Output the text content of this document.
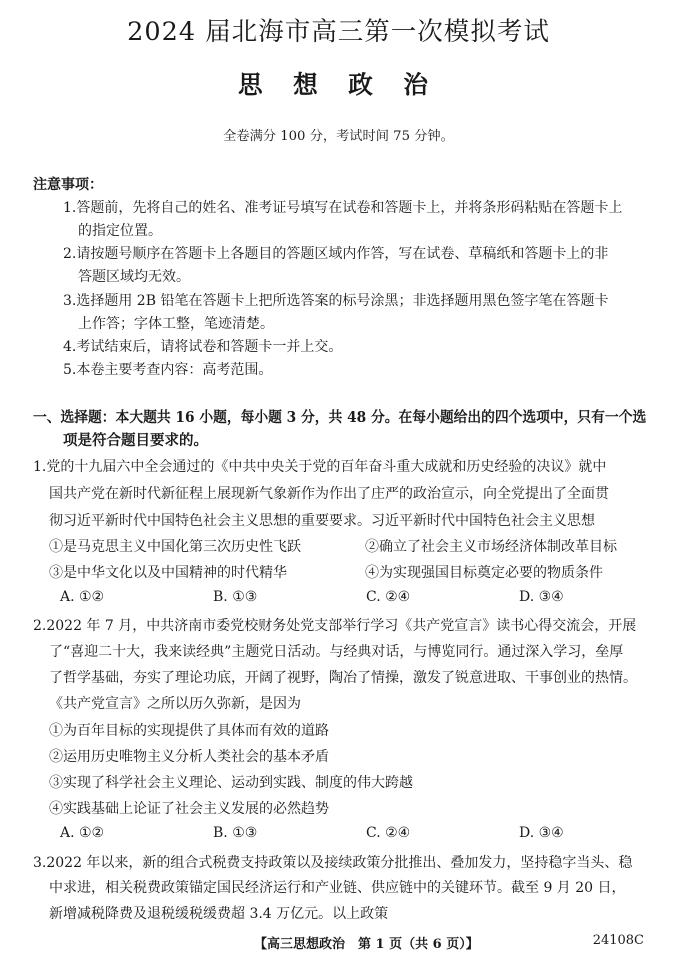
2024 届北海市高三第一次模拟考试
思 想 政 治
全卷满分 100 分，考试时间 75 分钟。
注意事项：
1.答题前，先将自己的姓名、准考证号填写在试卷和答题卡上，并将条形码粘贴在答题卡上
的指定位置。
2.请按题号顺序在答题卡上各题目的答题区域内作答，写在试卷、草稿纸和答题卡上的非
答题区域均无效。
3.选择题用 2B 铅笔在答题卡上把所选答案的标号涂黑；非选择题用黑色签字笔在答题卡
上作答；字体工整，笔迹清楚。
4.考试结束后，请将试卷和答题卡一并上交。
5.本卷主要考查内容：高考范围。
一、选择题：本大题共 16 小题，每小题 3 分，共 48 分。在每小题给出的四个选项中，只有一个选
项是符合题目要求的。
1.党的十九届六中全会通过的《中共中央关于党的百年奋斗重大成就和历史经验的决议》就中
国共产党在新时代新征程上展现新气象新作为作出了庄严的政治宣示，向全党提出了全面贯
彻习近平新时代中国特色社会主义思想的重要要求。习近平新时代中国特色社会主义思想
①是马克思主义中国化第三次历史性飞跃	②确立了社会主义市场经济体制改革目标
③是中华文化以及中国精神的时代精华	④为实现强国目标奠定必要的物质条件
A. ①②	B. ①③	C. ②④	D. ③④
2.2022 年 7 月，中共济南市委党校财务处党支部举行学习《共产党宣言》读书心得交流会，开展
了“喜迎二十大，我来读经典”主题党日活动。与经典对话，与博览同行。通过深入学习，垒厚
了哲学基础，夯实了理论功底，开阔了视野，陶冶了情操，激发了锐意进取、干事创业的热情。
《共产党宣言》之所以历久弥新，是因为
①为百年目标的实现提供了具体而有效的道路
②运用历史唯物主义分析人类社会的基本矛盾
③实现了科学社会主义理论、运动到实践、制度的伟大跨越
④实践基础上论证了社会主义发展的必然趋势
A. ①②	B. ①③	C. ②④	D. ③④
3.2022 年以来，新的组合式税费支持政策以及接续政策分批推出、叠加发力，坚持稳字当头、稳
中求进，相关税费政策锚定国民经济运行和产业链、供应链中的关键环节。截至 9 月 20 日，
新增减税降费及退税缓税缓费超 3.4 万亿元。以上政策
【高三思想政治　第 1 页（共 6 页）】	24108C
